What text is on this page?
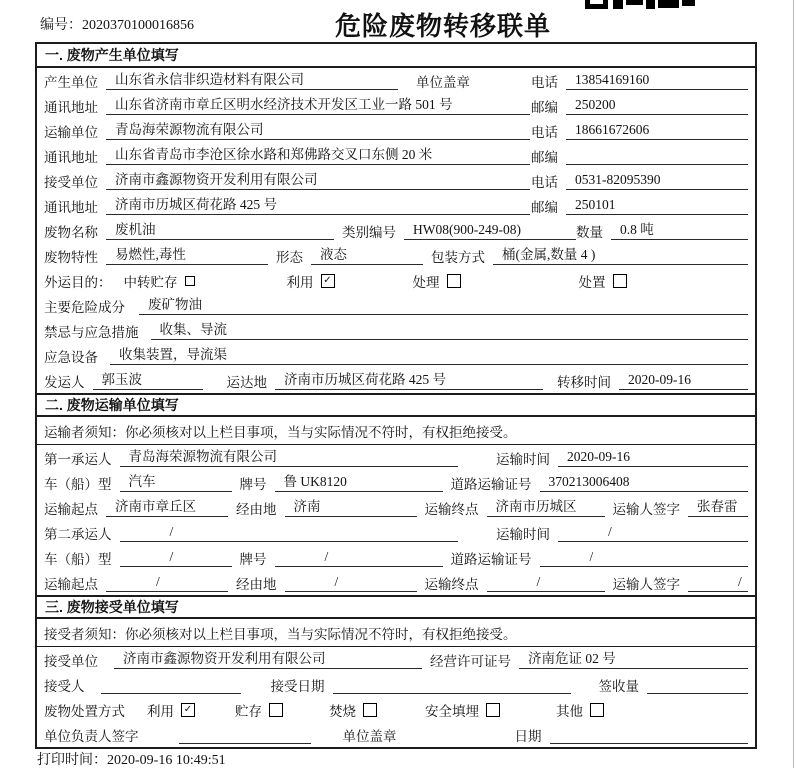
编号：2020370100016856	危险废物转移联单
一. 废物产生单位填写
产生单位	山东省永信非织造材料有限公司	单位盖章	电话	13854169160
通讯地址	山东省济南市章丘区明水经济技术开发区工业一路 501 号	邮编	250200
运输单位	青岛海荣源物流有限公司	电话	18661672606
通讯地址	山东省青岛市李沧区徐水路和郑佛路交叉口东侧 20 米	邮编
接受单位	济南市鑫源物资开发利用有限公司	电话	0531-82095390
通讯地址	济南市历城区荷花路 425 号	邮编	250101
废物名称	废机油	类别编号	HW08(900-249-08)	数量	0.8 吨
废物特性	易燃性,毒性	形态	液态	包装方式	桶(金属,数量 4 )
外运目的： 中转贮存	利用 ✓	处理	处置
主要危险成分	废矿物油
禁忌与应急措施	收集、导流
应急设备	收集装置，导流渠
发运人	郭玉波	运达地	济南市历城区荷花路 425 号	转移时间	2020-09-16
二. 废物运输单位填写
运输者须知： 你必须核对以上栏目事项，当与实际情况不符时，有权拒绝接受。
第一承运人	青岛海荣源物流有限公司	运输时间	2020-09-16
车（船）型	汽车	牌号	鲁 UK8120	道路运输证号	370213006408
运输起点	济南市章丘区	经由地	济南	运输终点	济南市历城区	运输人签字	张春雷
第二承运人	/	运输时间	/
车（船）型	/	牌号	/	道路运输证号	/
运输起点	/	经由地	/	运输终点	/	运输人签字	/
三. 废物接受单位填写
接受者须知： 你必须核对以上栏目事项，当与实际情况不符时，有权拒绝接受。
接受单位	济南市鑫源物资开发利用有限公司	经营许可证号	济南危证 02 号
接受人	接受日期	签收量
废物处置方式 利用 ✓	贮存	焚烧	安全填埋	其他
单位负责人签字	单位盖章	日期
打印时间：2020-09-16 10:49:51
